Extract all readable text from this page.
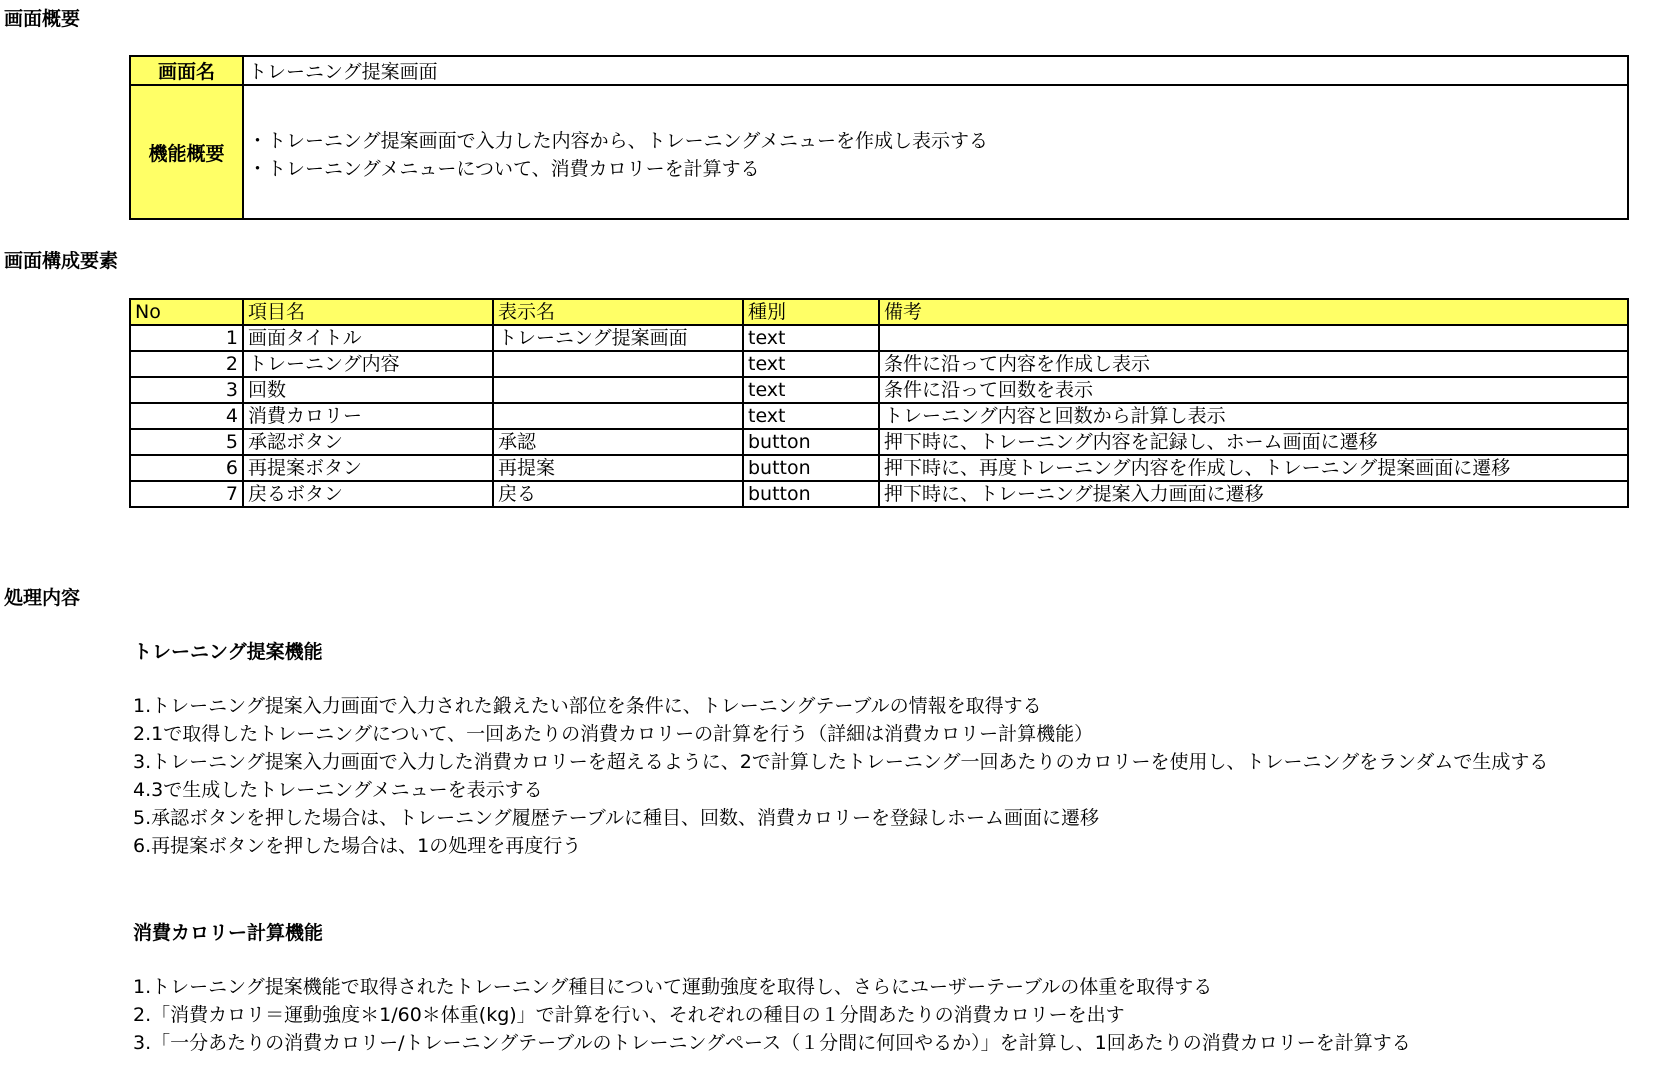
画面概要
画面名	トレーニング提案画面
機能概要	・トレーニング提案画面で入力した内容から、トレーニングメニューを作成し表示する
・トレーニングメニューについて、消費カロリーを計算する
画面構成要素
No	項目名	表示名	種別	備考
1	画面タイトル	トレーニング提案画面	text	
2	トレーニング内容		text	条件に沿って内容を作成し表示
3	回数		text	条件に沿って回数を表示
4	消費カロリー		text	トレーニング内容と回数から計算し表示
5	承認ボタン	承認	button	押下時に、トレーニング内容を記録し、ホーム画面に遷移
6	再提案ボタン	再提案	button	押下時に、再度トレーニング内容を作成し、トレーニング提案画面に遷移
7	戻るボタン	戻る	button	押下時に、トレーニング提案入力画面に遷移
処理内容
トレーニング提案機能
1.トレーニング提案入力画面で入力された鍛えたい部位を条件に、トレーニングテーブルの情報を取得する
2.1で取得したトレーニングについて、一回あたりの消費カロリーの計算を行う（詳細は消費カロリー計算機能）
3.トレーニング提案入力画面で入力した消費カロリーを超えるように、2で計算したトレーニング一回あたりのカロリーを使用し、トレーニングをランダムで生成する
4.3で生成したトレーニングメニューを表示する
5.承認ボタンを押した場合は、トレーニング履歴テーブルに種目、回数、消費カロリーを登録しホーム画面に遷移
6.再提案ボタンを押した場合は、1の処理を再度行う
消費カロリー計算機能
1.トレーニング提案機能で取得されたトレーニング種目について運動強度を取得し、さらにユーザーテーブルの体重を取得する
2.「消費カロリ＝運動強度＊1/60＊体重(kg)」で計算を行い、それぞれの種目の１分間あたりの消費カロリーを出す
3.「一分あたりの消費カロリー/トレーニングテーブルのトレーニングペース（１分間に何回やるか）」を計算し、1回あたりの消費カロリーを計算する
